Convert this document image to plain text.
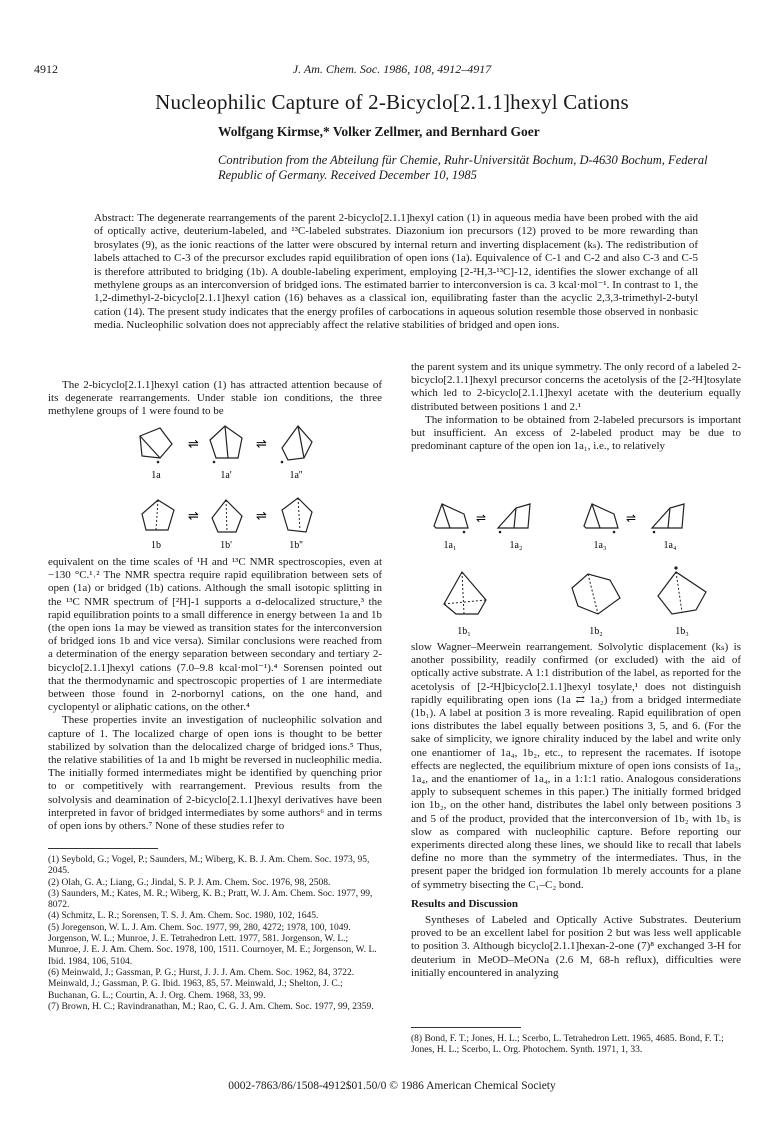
4912	J. Am. Chem. Soc. 1986, 108, 4912–4917
Nucleophilic Capture of 2-Bicyclo[2.1.1]hexyl Cations
Wolfgang Kirmse,* Volker Zellmer, and Bernhard Goer
Contribution from the Abteilung für Chemie, Ruhr-Universität Bochum, D-4630 Bochum, Federal Republic of Germany. Received December 10, 1985
Abstract: The degenerate rearrangements of the parent 2-bicyclo[2.1.1]hexyl cation (1) in aqueous media have been probed with the aid of optically active, deuterium-labeled, and ¹³C-labeled substrates. Diazonium ion precursors (12) proved to be more rewarding than brosylates (9), as the ionic reactions of the latter were obscured by internal return and inverting displacement (kₛ). The redistribution of labels attached to C-3 of the precursor excludes rapid equilibration of open ions (1a). Equivalence of C-1 and C-2 and also C-3 and C-5 is therefore attributed to bridging (1b). A double-labeling experiment, employing [2-²H,3-¹³C]-12, identifies the slower exchange of all methylene groups as an interconversion of bridged ions. The estimated barrier to interconversion is ca. 3 kcal·mol⁻¹. In contrast to 1, the 1,2-dimethyl-2-bicyclo[2.1.1]hexyl cation (16) behaves as a classical ion, equilibrating faster than the acyclic 2,3,3-trimethyl-2-butyl cation (14). The present study indicates that the energy profiles of carbocations in aqueous solution resemble those observed in nonbasic media. Nucleophilic solvation does not appreciably affect the relative stabilities of bridged and open ions.

The 2-bicyclo[2.1.1]hexyl cation (1) has attracted attention because of its degenerate rearrangements. Under stable ion conditions, the three methylene groups of 1 were found to be

⇌	⇌
1a	1a'	1a''
⇌	⇌
1b	1b'	1b''

equivalent on the time scales of ¹H and ¹³C NMR spectroscopies, even at −130 °C.¹˒² The NMR spectra require rapid equilibration between sets of open (1a) or bridged (1b) cations. Although the small isotopic splitting in the ¹³C NMR spectrum of [²H]-1 supports a σ-delocalized structure,³ the rapid equilibration points to a small difference in energy between 1a and 1b (the open ions 1a may be viewed as transition states for the interconversion of bridged ions 1b and vice versa). Similar conclusions were reached from a determination of the energy separation between secondary and tertiary 2-bicyclo[2.1.1]hexyl cations (7.0–9.8 kcal·mol⁻¹).⁴ Sorensen pointed out that the thermodynamic and spectroscopic properties of 1 are intermediate between those found in 2-norbornyl cations, on the one hand, and cyclopentyl or aliphatic cations, on the other.⁴

These properties invite an investigation of nucleophilic solvation and capture of 1. The localized charge of open ions is thought to be better stabilized by solvation than the delocalized charge of bridged ions.⁵ Thus, the relative stabilities of 1a and 1b might be reversed in nucleophilic media. The initially formed intermediates might be identified by quenching prior to or competitively with rearrangement. Previous results from the solvolysis and deamination of 2-bicyclo[2.1.1]hexyl derivatives have been interpreted in favor of bridged intermediates by some authors⁶ and in terms of open ions by others.⁷ None of these studies refer to

(1) Seybold, G.; Vogel, P.; Saunders, M.; Wiberg, K. B. J. Am. Chem. Soc. 1973, 95, 2045.
(2) Olah, G. A.; Liang, G.; Jindal, S. P. J. Am. Chem. Soc. 1976, 98, 2508.
(3) Saunders, M.; Kates, M. R.; Wiberg, K. B.; Pratt, W. J. Am. Chem. Soc. 1977, 99, 8072.
(4) Schmitz, L. R.; Sorensen, T. S. J. Am. Chem. Soc. 1980, 102, 1645.
(5) Joregenson, W. L. J. Am. Chem. Soc. 1977, 99, 280, 4272; 1978, 100, 1049. Jorgenson, W. L.; Munroe, J. E. Tetrahedron Lett. 1977, 581. Jorgenson, W. L.; Munroe, J. E. J. Am. Chem. Soc. 1978, 100, 1511. Cournoyer, M. E.; Jorgenson, W. L. Ibid. 1984, 106, 5104.
(6) Meinwald, J.; Gassman, P. G.; Hurst, J. J. J. Am. Chem. Soc. 1962, 84, 3722. Meinwald, J.; Gassman, P. G. Ibid. 1963, 85, 57. Meinwald, J.; Shelton, J. C.; Buchanan, G. L.; Courtin, A. J. Org. Chem. 1968, 33, 99.
(7) Brown, H. C.; Ravindranathan, M.; Rao, C. G. J. Am. Chem. Soc. 1977, 99, 2359.

the parent system and its unique symmetry. The only record of a labeled 2-bicyclo[2.1.1]hexyl precursor concerns the acetolysis of the [2-²H]tosylate which led to 2-bicyclo[2.1.1]hexyl acetate with the deuterium equally distributed between positions 1 and 2.¹

The information to be obtained from 2-labeled precursors is important but insufficient. An excess of 2-labeled product may be due to predominant capture of the open ion 1a₁, i.e., to relatively

⇌	⇌
1a₁	1a₂	1a₃	1a₄
1b₁	1b₂	1b₃

slow Wagner–Meerwein rearrangement. Solvolytic displacement (kₛ) is another possibility, readily confirmed (or excluded) with the aid of optically active substrate. A 1:1 distribution of the label, as reported for the acetolysis of [2-²H]bicyclo[2.1.1]hexyl tosylate,¹ does not distinguish rapidly equilibrating open ions (1a ⇄ 1a₂) from a bridged intermediate (1b₁). A label at position 3 is more revealing. Rapid equilibration of open ions distributes the label equally between positions 3, 5, and 6. (For the sake of simplicity, we ignore chirality induced by the label and write only one enantiomer of 1a₄, 1b₂, etc., to represent the racemates. If isotope effects are neglected, the equilibrium mixture of open ions consists of 1a₃, 1a₄, and the enantiomer of 1a₄, in a 1:1:1 ratio. Analogous considerations apply to subsequent schemes in this paper.) The initially formed bridged ion 1b₂, on the other hand, distributes the label only between positions 3 and 5 of the product, provided that the interconversion of 1b₂ with 1b₃ is slow as compared with nucleophilic capture. Before reporting our experiments directed along these lines, we should like to recall that labels define no more than the symmetry of the intermediates. Thus, in the present paper the bridged ion formulation 1b merely accounts for a plane of symmetry bisecting the C₁–C₂ bond.

Results and Discussion

Syntheses of Labeled and Optically Active Substrates. Deuterium proved to be an excellent label for position 2 but was less well applicable to position 3. Although bicyclo[2.1.1]hexan-2-one (7)⁸ exchanged 3-H for deuterium in MeOD–MeONa (2.6 M, 68-h reflux), difficulties were initially encountered in analyzing

(8) Bond, F. T.; Jones, H. L.; Scerbo, L. Tetrahedron Lett. 1965, 4685. Bond, F. T.; Jones, H. L.; Scerbo, L. Org. Photochem. Synth. 1971, 1, 33.
0002-7863/86/1508-4912$01.50/0 © 1986 American Chemical Society
